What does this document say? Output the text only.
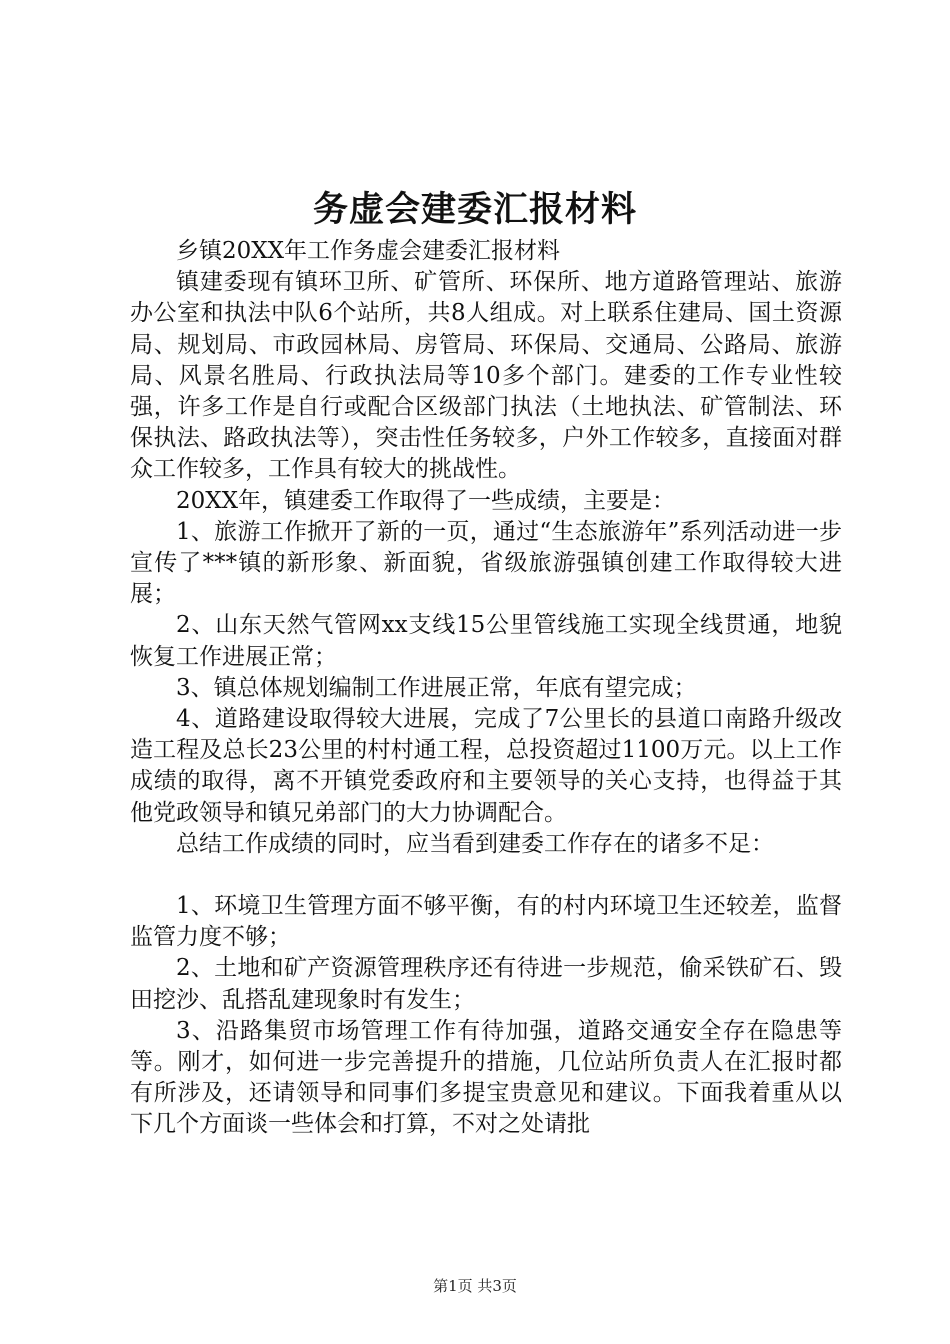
务虚会建委汇报材料

乡镇20XX年工作务虚会建委汇报材料

镇建委现有镇环卫所、矿管所、环保所、地方道路管理站、旅游办公室和执法中队6个站所，共8人组成。对上联系住建局、国土资源局、规划局、市政园林局、房管局、环保局、交通局、公路局、旅游局、风景名胜局、行政执法局等10多个部门。建委的工作专业性较强，许多工作是自行或配合区级部门执法（土地执法、矿管制法、环保执法、路政执法等），突击性任务较多，户外工作较多，直接面对群众工作较多，工作具有较大的挑战性。

20XX年，镇建委工作取得了一些成绩，主要是：

1、旅游工作掀开了新的一页，通过“生态旅游年”系列活动进一步宣传了***镇的新形象、新面貌，省级旅游强镇创建工作取得较大进展；

2、山东天然气管网xx支线15公里管线施工实现全线贯通，地貌恢复工作进展正常；

3、镇总体规划编制工作进展正常，年底有望完成；

4、道路建设取得较大进展，完成了7公里长的县道口南路升级改造工程及总长23公里的村村通工程，总投资超过1100万元。以上工作成绩的取得，离不开镇党委政府和主要领导的关心支持，也得益于其他党政领导和镇兄弟部门的大力协调配合。

总结工作成绩的同时，应当看到建委工作存在的诸多不足：

1、环境卫生管理方面不够平衡，有的村内环境卫生还较差，监督监管力度不够；

2、土地和矿产资源管理秩序还有待进一步规范，偷采铁矿石、毁田挖沙、乱搭乱建现象时有发生；

3、沿路集贸市场管理工作有待加强，道路交通安全存在隐患等等。刚才，如何进一步完善提升的措施，几位站所负责人在汇报时都有所涉及，还请领导和同事们多提宝贵意见和建议。下面我着重从以下几个方面谈一些体会和打算，不对之处请批

第1页 共3页
